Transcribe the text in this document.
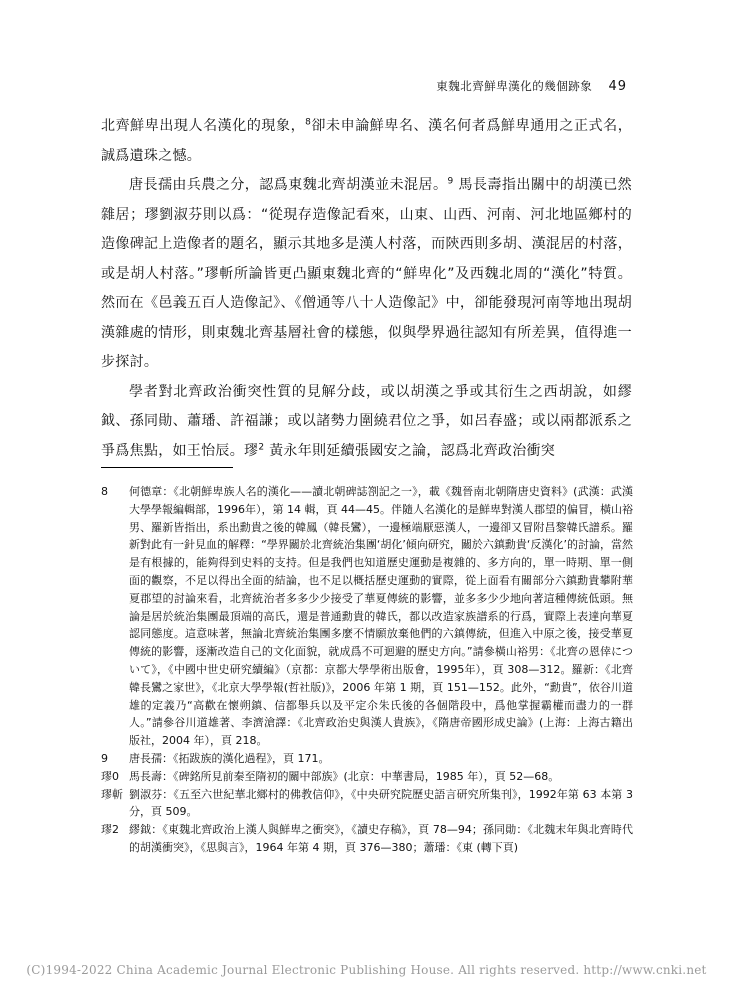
東魏北齊鮮卑漢化的幾個跡象 49

北齊鮮卑出現人名漢化的現象，$^8$卻未申論鮮卑名、漢名何者爲鮮卑通用之正式名，誠爲遺珠之憾。

唐長孺由兵農之分，認爲東魏北齊胡漢並未混居。$^9$ 馬長壽指出關中的胡漢已然雜居；璆劉淑芬則以爲：“從現存造像記看來，山東、山西、河南、河北地區鄉村的造像碑記上造像者的題名，顯示其地多是漢人村落，而陝西則多胡、漢混居的村落，或是胡人村落。”璆斬所論皆更凸顯東魏北齊的“鮮卑化”及西魏北周的“漢化”特質。然而在《邑義五百人造像記》、《僧通等八十人造像記》中，卻能發現河南等地出現胡漢雜處的情形，則東魏北齊基層社會的樣態，似與學界過往認知有所差異，值得進一步探討。

學者對北齊政治衝突性質的見解分歧，或以胡漢之爭或其衍生之西胡說，如繆鉞、孫同勛、蕭璠、許福謙；或以諸勢力圍繞君位之爭，如呂春盛；或以兩都派系之爭爲焦點，如王怡辰。璆$^2$ 黃永年則延續張國安之論，認爲北齊政治衝突

8	何德章：《北朝鮮卑族人名的漢化——讀北朝碑誌劄記之一》，載《魏晉南北朝隋唐史資料》(武漢：武漢大學學報編輯部，1996年），第 14 輯，頁 44—45。伴隨人名漢化的是鮮卑對漢人郡望的偏冒，橫山裕男、羅新皆指出，系出勳貴之後的韓鳳（韓長鸞），一邊極端厭惡漢人，一邊卻又冒附昌黎韓氏譜系。羅新對此有一針見血的解釋：“學界關於北齊統治集團‘胡化’傾向研究，關於六鎮勳貴‘反漢化’的討論，當然是有根據的，能夠得到史料的支持。但是我們也知道歷史運動是複雜的、多方向的，單一時期、單一側面的觀察，不足以得出全面的結論，也不足以概括歷史運動的實際，從上面看有關部分六鎮勳貴攀附華夏郡望的討論來看，北齊統治者多多少少接受了華夏傳統的影響，並多多少少地向著這種傳統低頭。無論是居於統治集團最頂端的高氏，還是普通勳貴的韓氏，都以改造家族譜系的行爲，實際上表達向華夏認同態度。這意味著，無論北齊統治集團多麼不情願放棄他們的六鎮傳統，但進入中原之後，接受華夏傳統的影響，逐漸改造自己的文化面貌，就成爲不可迴避的歷史方向。”請參橫山裕男：《北齊の恩倖について》，《中國中世史研究續編》（京都：京都大學學術出版會，1995年），頁 308—312。羅新：《北齊韓長鸞之家世》，《北京大學學報(哲社版)》，2006 年第 1 期，頁 151—152。此外，“勳貴”，依谷川道雄的定義乃“高歡在懷朔鎮、信都舉兵以及平定尒朱氏後的各個階段中，爲他掌握霸權而盡力的一群人。”請參谷川道雄著、李濟滄譯：《北齊政治史與漢人貴族》，《隋唐帝國形成史論》(上海：上海古籍出版社，2004 年），頁 218。
9	唐長孺：《拓跋族的漢化過程》，頁 171。
璆0 馬長壽：《碑銘所見前秦至隋初的關中部族》(北京：中華書局，1985 年），頁 52—68。
璆斬 劉淑芬：《五至六世紀華北鄉村的佛教信仰》，《中央研究院歷史語言研究所集刊》，1992年第 63 本第 3 分，頁 509。
璆2 繆鉞：《東魏北齊政治上漢人與鮮卑之衝突》，《讀史存稿》，頁 78—94；孫同勛：《北魏末年與北齊時代的胡漢衝突》，《思與言》，1964 年第 4 期，頁 376—380；蕭璠：《東 (轉下頁)
(C)1994-2022 China Academic Journal Electronic Publishing House. All rights reserved. http://www.cnki.net
